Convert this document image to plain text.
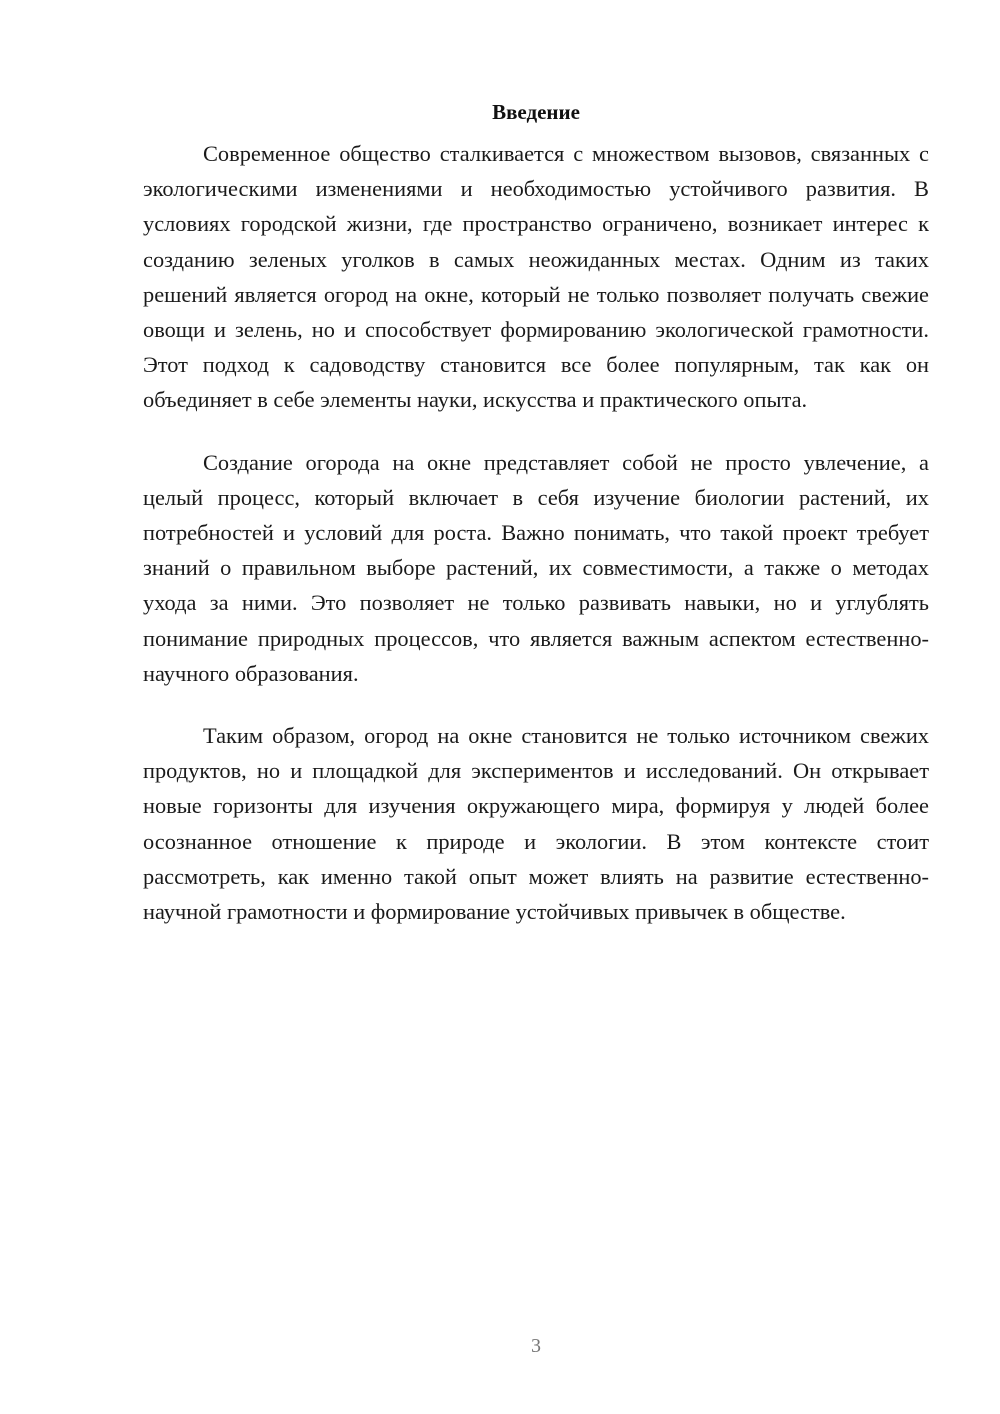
Введение

Современное общество сталкивается с множеством вызовов, связанных с экологическими изменениями и необходимостью устойчивого развития. В условиях городской жизни, где пространство ограничено, возникает интерес к созданию зеленых уголков в самых неожиданных местах. Одним из таких решений является огород на окне, который не только позволяет получать свежие овощи и зелень, но и способствует формированию экологической грамотности. Этот подход к садоводству становится все более популярным, так как он объединяет в себе элементы науки, искусства и практического опыта.

Создание огорода на окне представляет собой не просто увлечение, а целый процесс, который включает в себя изучение биологии растений, их потребностей и условий для роста. Важно понимать, что такой проект требует знаний о правильном выборе растений, их совместимости, а также о методах ухода за ними. Это позволяет не только развивать навыки, но и углублять понимание природных процессов, что является важным аспектом естественно-научного образования.

Таким образом, огород на окне становится не только источником свежих продуктов, но и площадкой для экспериментов и исследований. Он открывает новые горизонты для изучения окружающего мира, формируя у людей более осознанное отношение к природе и экологии. В этом контексте стоит рассмотреть, как именно такой опыт может влиять на развитие естественно-научной грамотности и формирование устойчивых привычек в обществе.

3
